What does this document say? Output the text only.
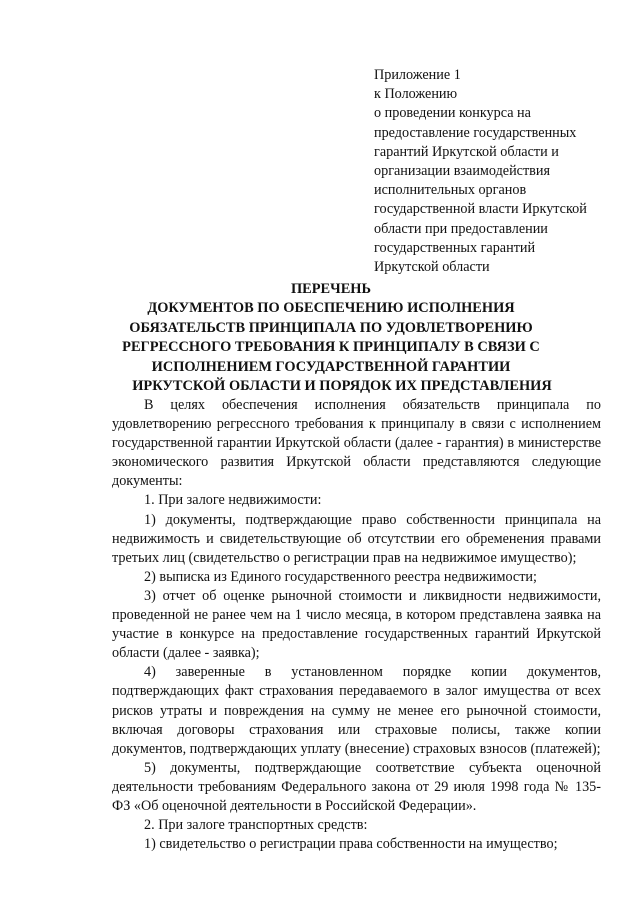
Приложение 1
к Положению
о проведении конкурса на
предоставление государственных
гарантий Иркутской области и
организации взаимодействия
исполнительных органов
государственной власти Иркутской
области при предоставлении
государственных гарантий
Иркутской области
ПЕРЕЧЕНЬ
ДОКУМЕНТОВ ПО ОБЕСПЕЧЕНИЮ ИСПОЛНЕНИЯ
ОБЯЗАТЕЛЬСТВ ПРИНЦИПАЛА ПО УДОВЛЕТВОРЕНИЮ
РЕГРЕССНОГО ТРЕБОВАНИЯ К ПРИНЦИПАЛУ В СВЯЗИ С
ИСПОЛНЕНИЕМ ГОСУДАРСТВЕННОЙ ГАРАНТИИ
ИРКУТСКОЙ ОБЛАСТИ И ПОРЯДОК ИХ ПРЕДСТАВЛЕНИЯ

В целях обеспечения исполнения обязательств принципала по удовлетворению регрессного требования к принципалу в связи с исполнением государственной гарантии Иркутской области (далее - гарантия) в министерстве экономического развития Иркутской области представляются следующие документы:

1. При залоге недвижимости:

1) документы, подтверждающие право собственности принципала на недвижимость и свидетельствующие об отсутствии его обременения правами третьих лиц (свидетельство о регистрации прав на недвижимое имущество);

2) выписка из Единого государственного реестра недвижимости;

3) отчет об оценке рыночной стоимости и ликвидности недвижимости, проведенной не ранее чем на 1 число месяца, в котором представлена заявка на участие в конкурсе на предоставление государственных гарантий Иркутской области (далее - заявка);

4) заверенные в установленном порядке копии документов, подтверждающих факт страхования передаваемого в залог имущества от всех рисков утраты и повреждения на сумму не менее его рыночной стоимости, включая договоры страхования или страховые полисы, также копии документов, подтверждающих уплату (внесение) страховых взносов (платежей);

5) документы, подтверждающие соответствие субъекта оценочной деятельности требованиям Федерального закона от 29 июля 1998 года № 135-ФЗ «Об оценочной деятельности в Российской Федерации».

2. При залоге транспортных средств:

1) свидетельство о регистрации права собственности на имущество;
